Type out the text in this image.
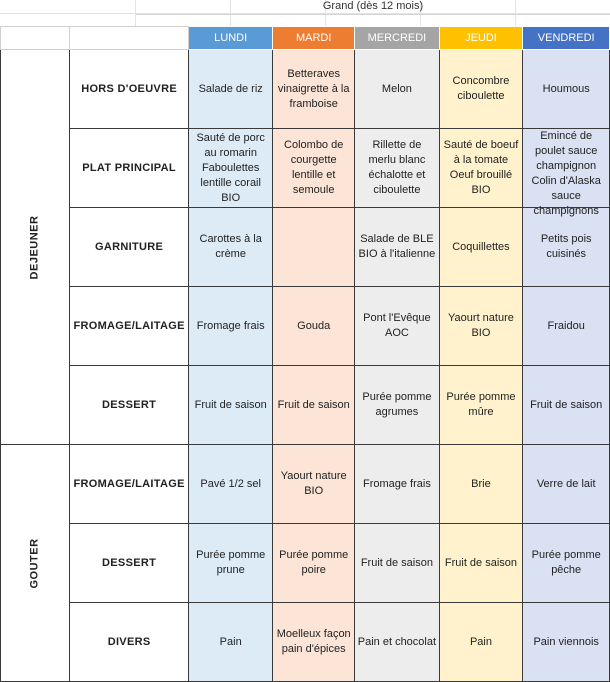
Grand (dès 12 mois)
		LUNDI	MARDI	MERCREDI	JEUDI	VENDREDI
DEJEUNER	HORS D'OEUVRE	Salade de riz	Betteraves vinaigrette à la framboise	Melon	Concombre ciboulette	Houmous

	PLAT PRINCIPAL	Sauté de porc au romarin Faboulettes lentille corail BIO	Colombo de courgette lentille et semoule	Rillette de merlu blanc échalotte et ciboulette	Sauté de boeuf à la tomate Oeuf brouillé BIO	Emincé de poulet sauce champignon Colin d'Alaska sauce champignons

	GARNITURE	Carottes à la crème		Salade de BLE BIO à l'italienne	Coquillettes	Petits pois cuisinés

	FROMAGE/LAITAGE	Fromage frais	Gouda	Pont l'Evêque AOC	Yaourt nature BIO	Fraidou

	DESSERT	Fruit de saison	Fruit de saison	Purée pomme agrumes	Purée pomme mûre	Fruit de saison

GOUTER	FROMAGE/LAITAGE	Pavé 1/2 sel	Yaourt nature BIO	Fromage frais	Brie	Verre de lait

	DESSERT	Purée pomme prune	Purée pomme poire	Fruit de saison	Fruit de saison	Purée pomme pêche

	DIVERS	Pain	Moelleux façon pain d'épices	Pain et chocolat	Pain	Pain viennois
